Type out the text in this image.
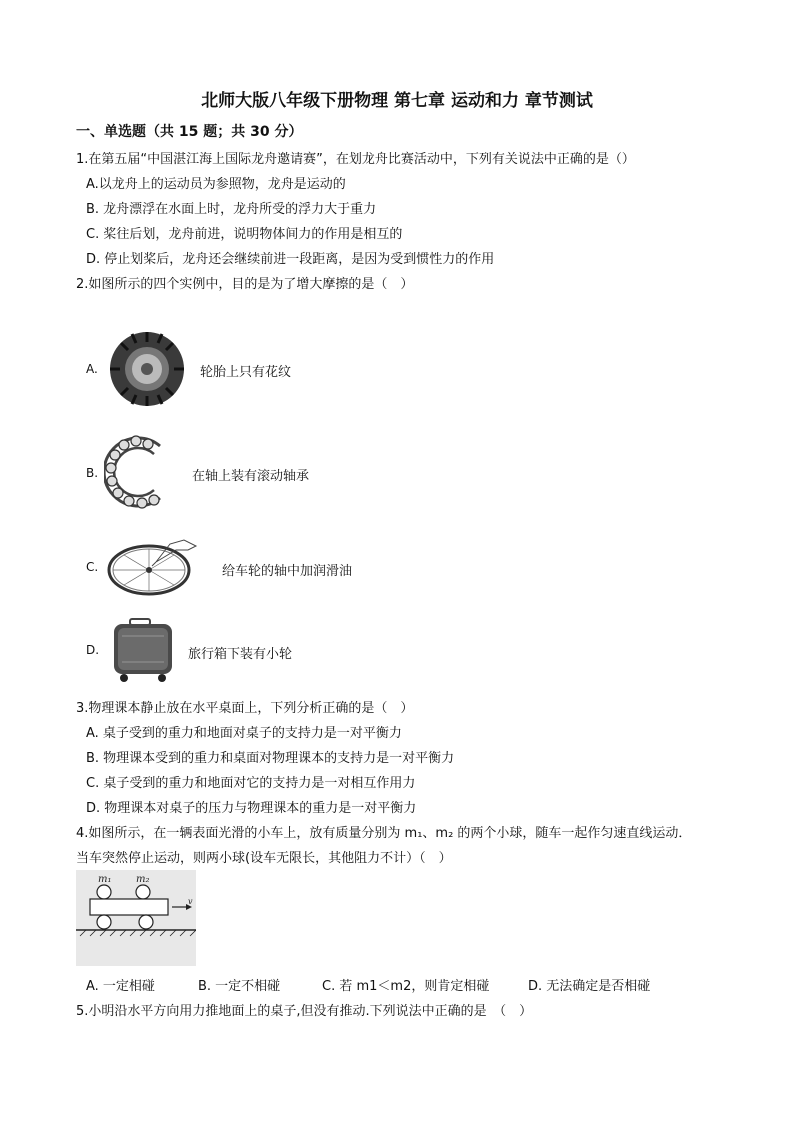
北师大版八年级下册物理 第七章 运动和力 章节测试
一、单选题（共 15 题；共 30 分）
1.在第五届“中国湛江海上国际龙舟邀请赛”，在划龙舟比赛活动中，下列有关说法中正确的是（）
A.以龙舟上的运动员为参照物，龙舟是运动的
B. 龙舟漂浮在水面上时，龙舟所受的浮力大于重力
C. 桨往后划，龙舟前进，说明物体间力的作用是相互的
D. 停止划桨后，龙舟还会继续前进一段距离，是因为受到惯性力的作用
2.如图所示的四个实例中，目的是为了增大摩擦的是（　）
A.	轮胎上只有花纹
B.	在轴上装有滚动轴承
C.	给车轮的轴中加润滑油
D.	旅行箱下装有小轮
3.物理课本静止放在水平桌面上，下列分析正确的是（　）
A. 桌子受到的重力和地面对桌子的支持力是一对平衡力
B. 物理课本受到的重力和桌面对物理课本的支持力是一对平衡力
C. 桌子受到的重力和地面对它的支持力是一对相互作用力
D. 物理课本对桌子的压力与物理课本的重力是一对平衡力
4.如图所示，在一辆表面光滑的小车上，放有质量分别为 m₁、m₂ 的两个小球，随车一起作匀速直线运动．
当车突然停止运动，则两小球(设车无限长，其他阻力不计）（　）
m₁ m₂
v
A. 一定相碰	B. 一定不相碰	C. 若 m1＜m2，则肯定相碰	D. 无法确定是否相碰
5.小明沿水平方向用力推地面上的桌子,但没有推动.下列说法中正确的是　（　）
